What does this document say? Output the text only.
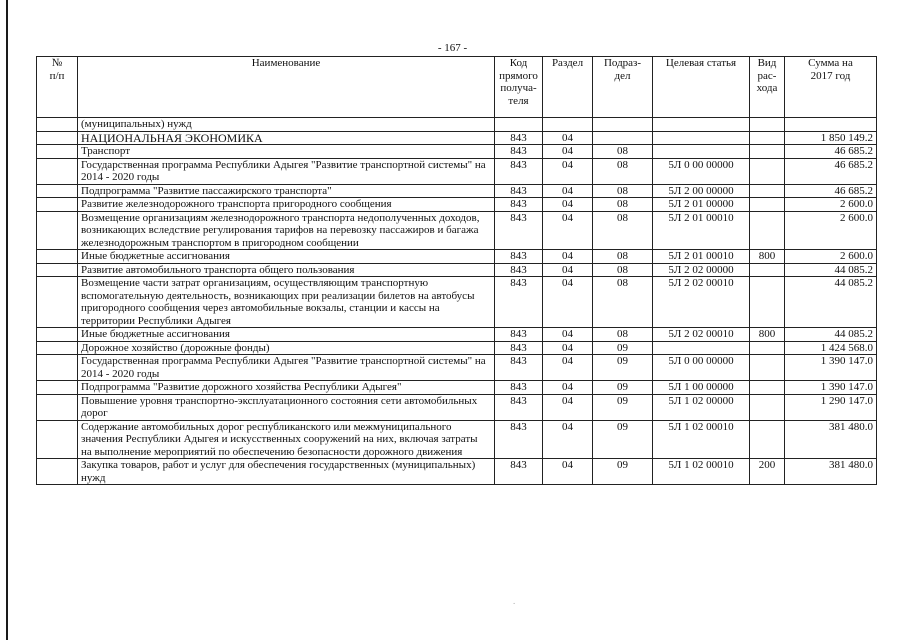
- 167 -
№
п/п	Наименование	Код
прямого
получа-
теля	Раздел	Подраз-
дел	Целевая статья	Вид
рас-
хода	Сумма на
2017 год
	(муниципальных) нужд						
	НАЦИОНАЛЬНАЯ ЭКОНОМИКА	843	04				1 850 149.2
	Транспорт	843	04	08			46 685.2
	Государственная программа Республики Адыгея "Развитие транспортной системы" на 2014 - 2020 годы	843	04	08	5Л 0 00 00000		46 685.2
	Подпрограмма "Развитие пассажирского транспорта"	843	04	08	5Л 2 00 00000		46 685.2
	Развитие железнодорожного транспорта пригородного сообщения	843	04	08	5Л 2 01 00000		2 600.0
	Возмещение организациям железнодорожного транспорта недополученных доходов, возникающих вследствие регулирования тарифов на перевозку пассажиров и багажа железнодорожным транспортом в пригородном сообщении	843	04	08	5Л 2 01 00010		2 600.0
	Иные бюджетные ассигнования	843	04	08	5Л 2 01 00010	800	2 600.0
	Развитие автомобильного транспорта общего пользования	843	04	08	5Л 2 02 00000		44 085.2
	Возмещение части затрат организациям, осуществляющим транспортную вспомогательную деятельность, возникающих при реализации билетов на автобусы пригородного сообщения через автомобильные вокзалы, станции и кассы на территории Республики Адыгея	843	04	08	5Л 2 02 00010		44 085.2
	Иные бюджетные ассигнования	843	04	08	5Л 2 02 00010	800	44 085.2
	Дорожное хозяйство (дорожные фонды)	843	04	09			1 424 568.0
	Государственная программа Республики Адыгея "Развитие транспортной системы" на 2014 - 2020 годы	843	04	09	5Л 0 00 00000		1 390 147.0
	Подпрограмма "Развитие дорожного хозяйства Республики Адыгея"	843	04	09	5Л 1 00 00000		1 390 147.0
	Повышение уровня транспортно-эксплуатационного состояния сети автомобильных дорог	843	04	09	5Л 1 02 00000		1 290 147.0
	Содержание автомобильных дорог республиканского или межмуниципального значения Республики Адыгея и искусственных сооружений на них, включая затраты на выполнение мероприятий по обеспечению безопасности дорожного движения	843	04	09	5Л 1 02 00010		381 480.0
	Закупка товаров, работ и услуг для обеспечения государственных (муниципальных) нужд	843	04	09	5Л 1 02 00010	200	381 480.0
.
